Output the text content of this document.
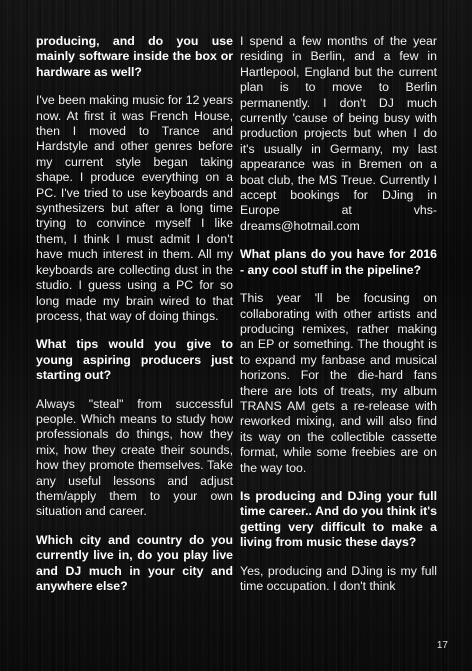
producing, and do you use mainly software inside the box or hardware as well?

I've been making music for 12 years now. At first it was French House, then I moved to Trance and Hardstyle and other genres before my current style began taking shape. I produce everything on a PC. I've tried to use keyboards and synthesizers but after a long time trying to convince myself I like them, I think I must admit I don't have much interest in them. All my keyboards are collecting dust in the studio. I guess using a PC for so long made my brain wired to that process, that way of doing things.

What tips would you give to young aspiring producers just starting out?

Always "steal" from successful people. Which means to study how professionals do things, how they mix, how they create their sounds, how they promote themselves. Take any useful lessons and adjust them/apply them to your own situation and career.

Which city and country do you currently live in, do you play live and DJ much in your city and anywhere else?

I spend a few months of the year residing in Berlin, and a few in Hartlepool, England but the current plan is to move to Berlin permanently. I don't DJ much currently 'cause of being busy with production projects but when I do it's usually in Germany, my last appearance was in Bremen on a boat club, the MS Treue. Currently I accept bookings for DJing in Europe at vhs-dreams@hotmail.com

What plans do you have for 2016 - any cool stuff in the pipeline?

This year 'll be focusing on collaborating with other artists and producing remixes, rather making an EP or something. The thought is to expand my fanbase and musical horizons. For the die-hard fans there are lots of treats, my album TRANS AM gets a re-release with reworked mixing, and will also find its way on the collectible cassette format, while some freebies are on the way too.

Is producing and DJing your full time career.. And do you think it's getting very difficult to make a living from music these days?

Yes, producing and DJing is my full time occupation. I don't think

17
